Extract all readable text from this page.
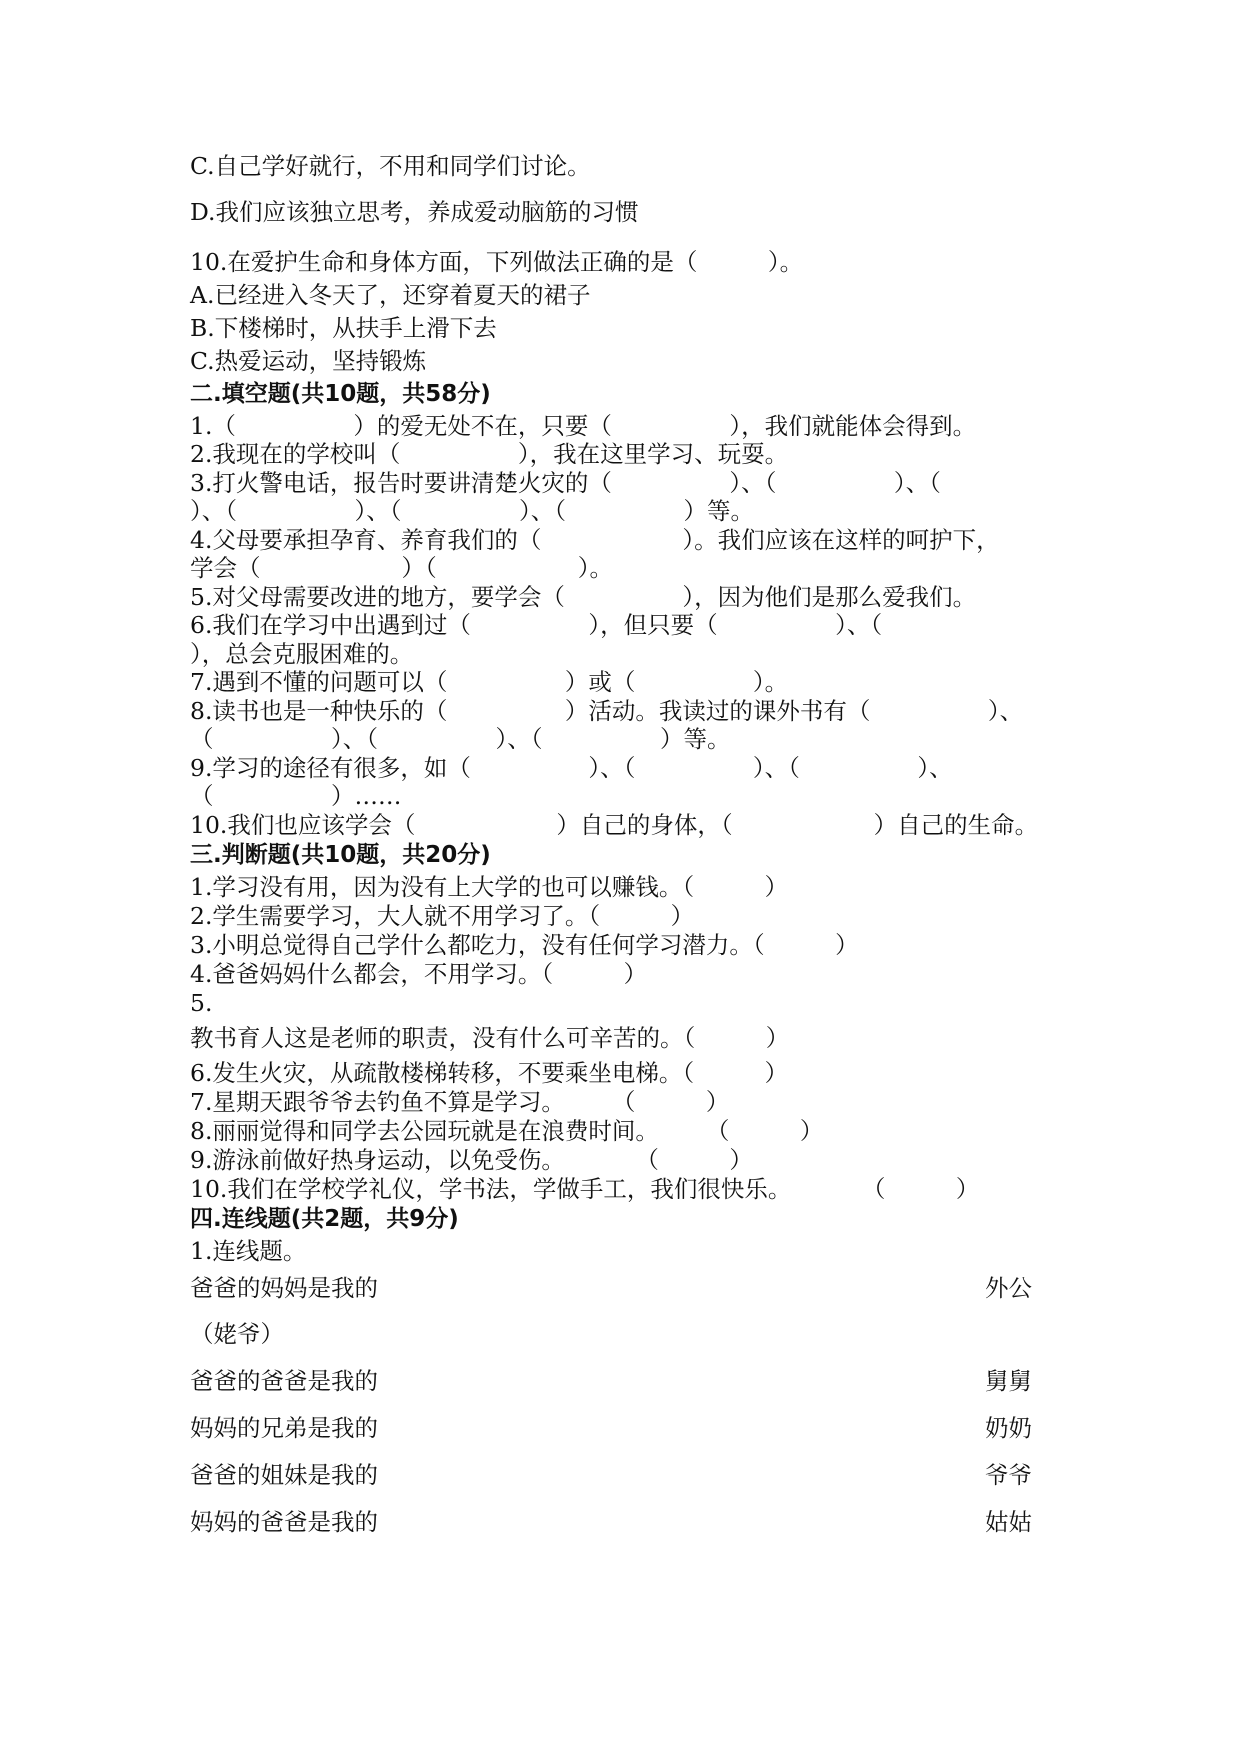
C.自己学好就行，不用和同学们讨论。

D.我们应该独立思考，养成爱动脑筋的习惯

10.在爱护生命和身体方面，下列做法正确的是（　　　）。

A.已经进入冬天了，还穿着夏天的裙子

B.下楼梯时，从扶手上滑下去

C.热爱运动，坚持锻炼

二.填空题(共10题，共58分)

1.（　　　　　）的爱无处不在，只要（　　　　　），我们就能体会得到。

2.我现在的学校叫（　　　　　），我在这里学习、玩耍。

3.打火警电话，报告时要讲清楚火灾的（　　　　　）、（　　　　　）、（

）、（　　　　　）、（　　　　　）、（　　　　　）等。

4.父母要承担孕育、养育我们的（　　　　　　）。我们应该在这样的呵护下，

学会（　　　　　　）（　　　　　　）。

5.对父母需要改进的地方，要学会（　　　　　），因为他们是那么爱我们。

6.我们在学习中出遇到过（　　　　　），但只要（　　　　　）、（

），总会克服困难的。

7.遇到不懂的问题可以（　　　　　）或（　　　　　）。

8.读书也是一种快乐的（　　　　　）活动。我读过的课外书有（　　　　　）、

（　　　　　）、（　　　　　）、（　　　　　）等。

9.学习的途径有很多，如（　　　　　）、（　　　　　）、（　　　　　）、

（　　　　　）……

10.我们也应该学会（　　　　　　）自己的身体，（　　　　　　）自己的生命。

三.判断题(共10题，共20分)

1.学习没有用，因为没有上大学的也可以赚钱。（　　　）

2.学生需要学习，大人就不用学习了。（　　　）

3.小明总觉得自己学什么都吃力，没有任何学习潜力。（　　　）

4.爸爸妈妈什么都会，不用学习。（　　　）

5.

教书育人这是老师的职责，没有什么可辛苦的。（　　　）

6.发生火灾，从疏散楼梯转移，不要乘坐电梯。（　　　）

7.星期天跟爷爷去钓鱼不算是学习。　　　（　　　）

8.丽丽觉得和同学去公园玩就是在浪费时间。　　　（　　　）

9.游泳前做好热身运动，以免受伤。　　　　（　　　）

10.我们在学校学礼仪，学书法，学做手工，我们很快乐。　　　　（　　　）

四.连线题(共2题，共9分)

1.连线题。

爸爸的妈妈是我的	外公

（姥爷）

爸爸的爸爸是我的	舅舅

妈妈的兄弟是我的	奶奶

爸爸的姐妹是我的	爷爷

妈妈的爸爸是我的	姑姑
